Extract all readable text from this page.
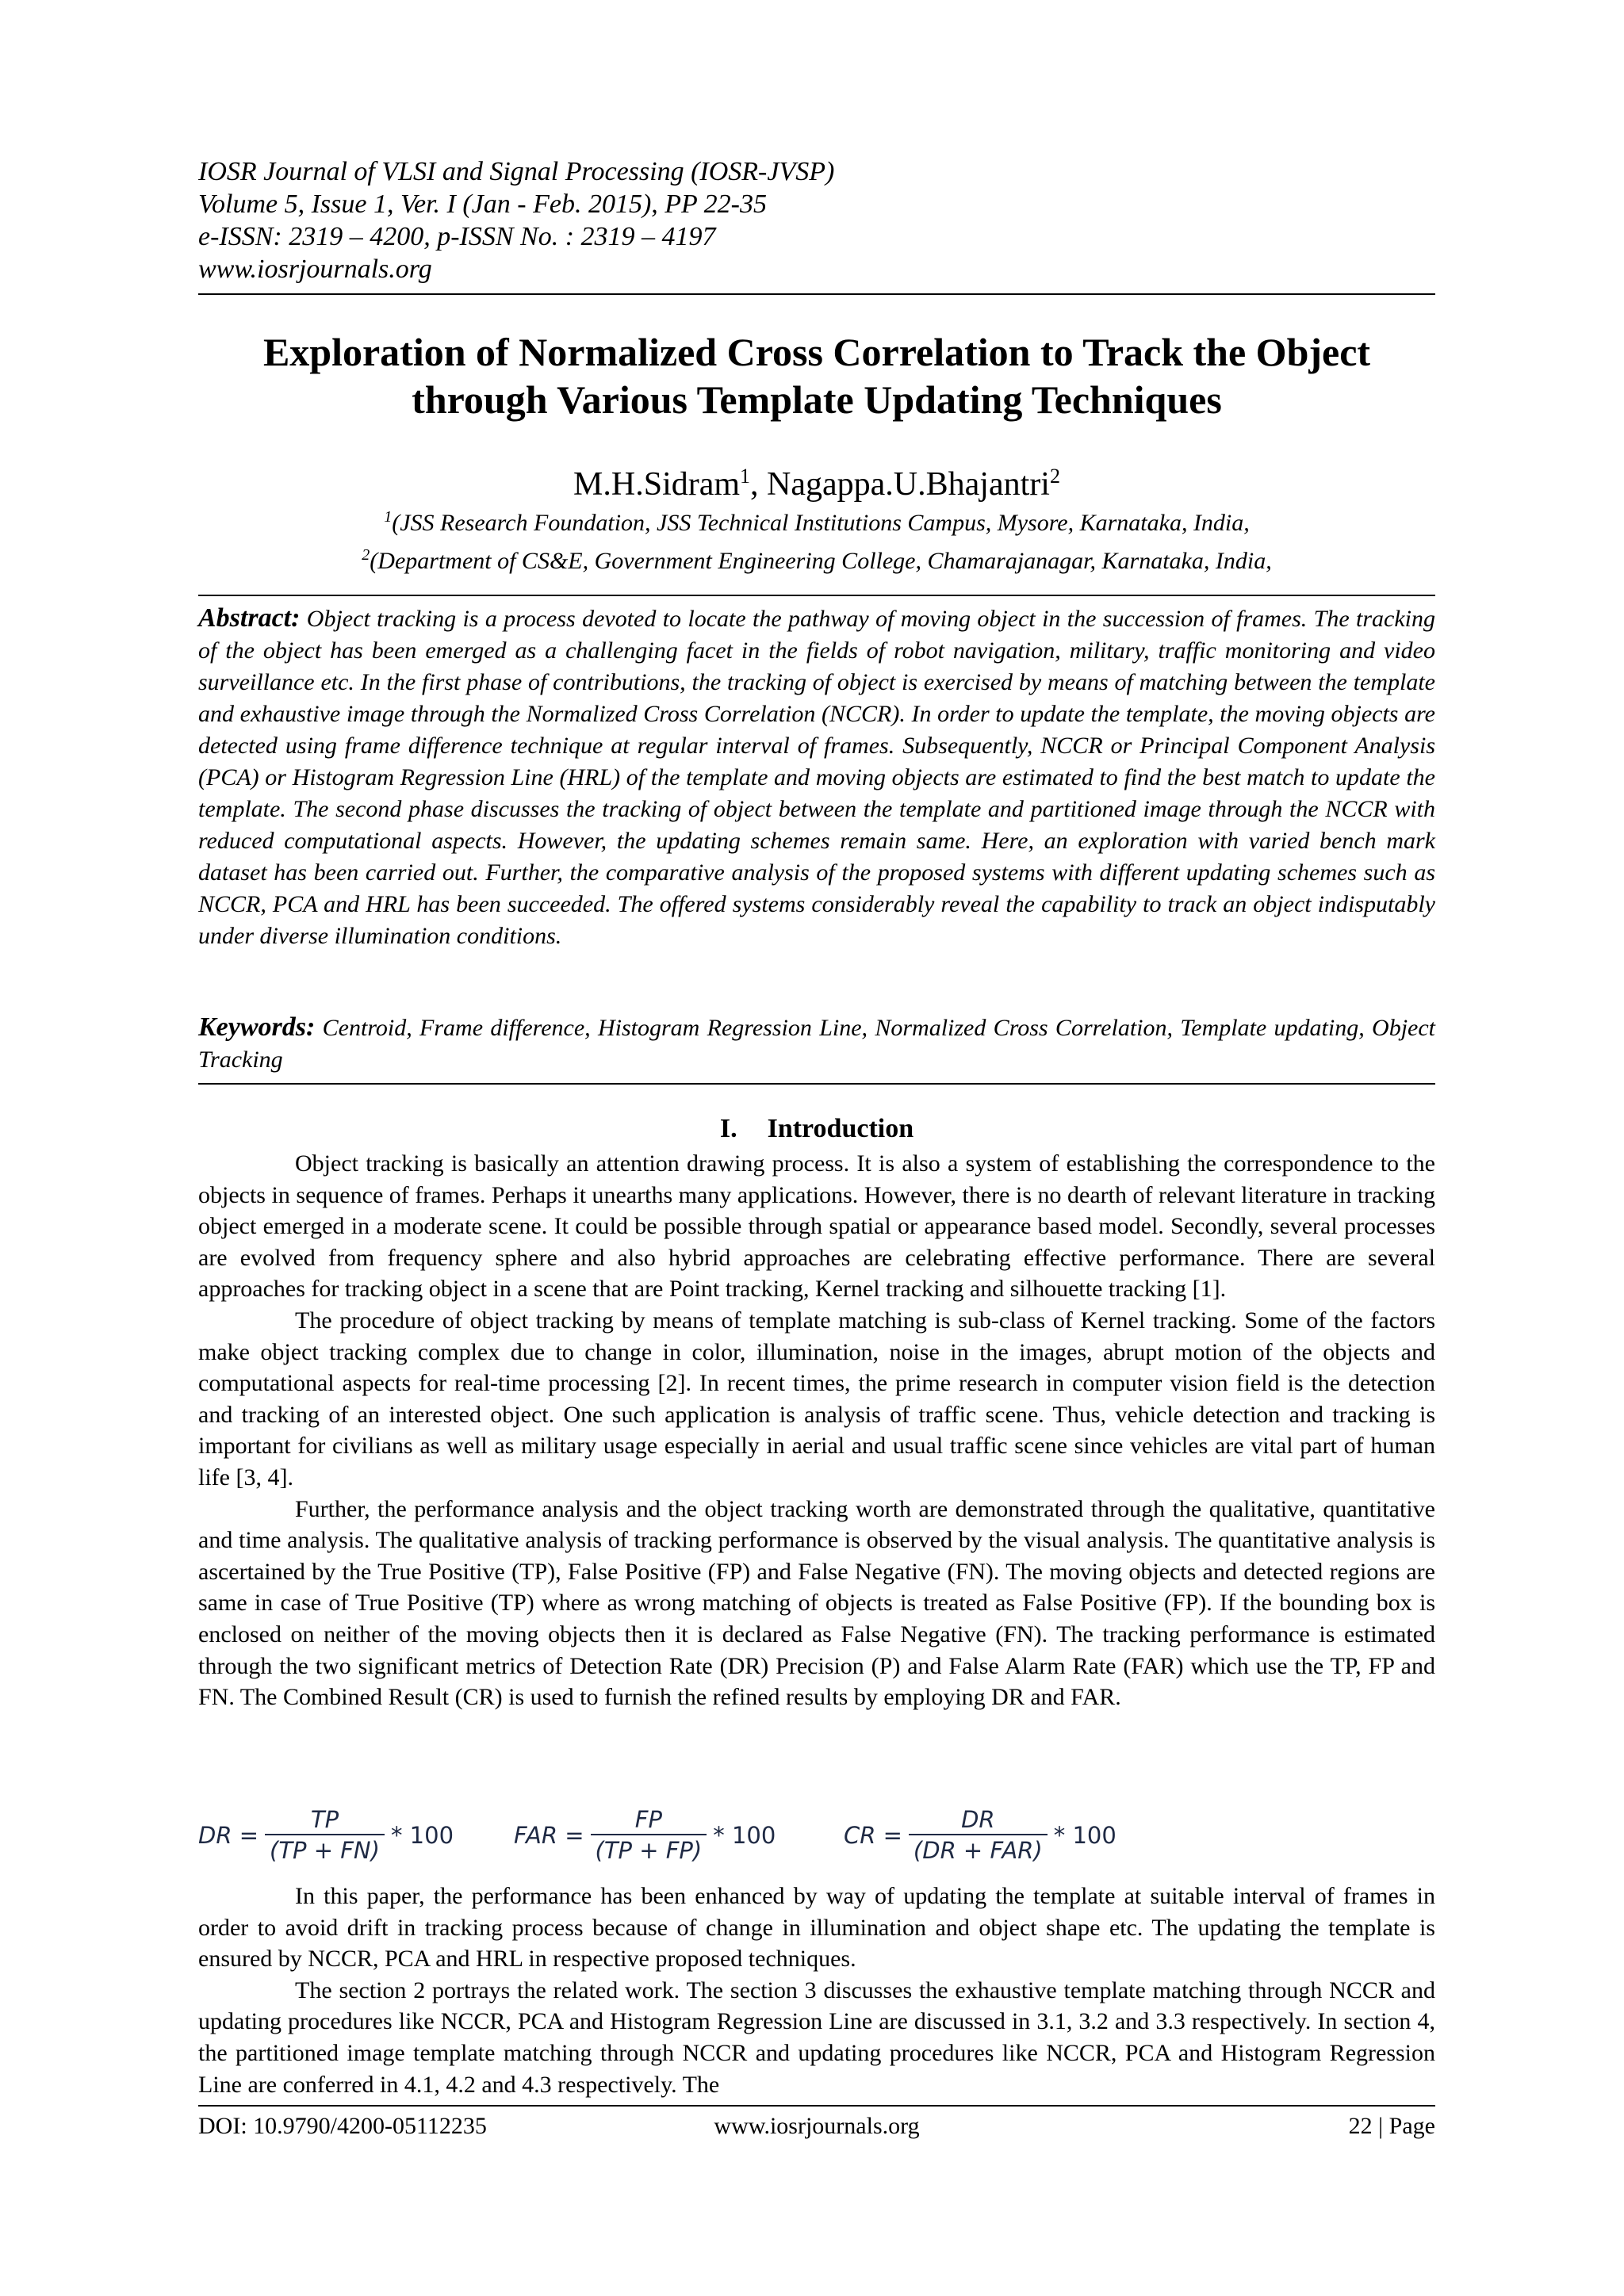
IOSR Journal of VLSI and Signal Processing (IOSR-JVSP)
Volume 5, Issue 1, Ver. I (Jan - Feb. 2015), PP 22-35
e-ISSN: 2319 – 4200, p-ISSN No. : 2319 – 4197
www.iosrjournals.org
Exploration of Normalized Cross Correlation to Track the Object
through Various Template Updating Techniques
M.H.Sidram$^1$, Nagappa.U.Bhajantri$^2$
$^1$(JSS Research Foundation, JSS Technical Institutions Campus, Mysore, Karnataka, India,
$^2$(Department of CS&E, Government Engineering College, Chamarajanagar, Karnataka, India,
Abstract: Object tracking is a process devoted to locate the pathway of moving object in the succession of frames. The tracking of the object has been emerged as a challenging facet in the fields of robot navigation, military, traffic monitoring and video surveillance etc. In the first phase of contributions, the tracking of object is exercised by means of matching between the template and exhaustive image through the Normalized Cross Correlation (NCCR). In order to update the template, the moving objects are detected using frame difference technique at regular interval of frames. Subsequently, NCCR or Principal Component Analysis (PCA) or Histogram Regression Line (HRL) of the template and moving objects are estimated to find the best match to update the template. The second phase discusses the tracking of object between the template and partitioned image through the NCCR with reduced computational aspects. However, the updating schemes remain same. Here, an exploration with varied bench mark dataset has been carried out. Further, the comparative analysis of the proposed systems with different updating schemes such as NCCR, PCA and HRL has been succeeded. The offered systems considerably reveal the capability to track an object indisputably under diverse illumination conditions.
Keywords: Centroid, Frame difference, Histogram Regression Line, Normalized Cross Correlation, Template updating, Object Tracking
I. Introduction

Object tracking is basically an attention drawing process. It is also a system of establishing the correspondence to the objects in sequence of frames. Perhaps it unearths many applications. However, there is no dearth of relevant literature in tracking object emerged in a moderate scene. It could be possible through spatial or appearance based model. Secondly, several processes are evolved from frequency sphere and also hybrid approaches are celebrating effective performance. There are several approaches for tracking object in a scene that are Point tracking, Kernel tracking and silhouette tracking [1].

The procedure of object tracking by means of template matching is sub-class of Kernel tracking. Some of the factors make object tracking complex due to change in color, illumination, noise in the images, abrupt motion of the objects and computational aspects for real-time processing [2]. In recent times, the prime research in computer vision field is the detection and tracking of an interested object. One such application is analysis of traffic scene. Thus, vehicle detection and tracking is important for civilians as well as military usage especially in aerial and usual traffic scene since vehicles are vital part of human life [3, 4].

Further, the performance analysis and the object tracking worth are demonstrated through the qualitative, quantitative and time analysis. The qualitative analysis of tracking performance is observed by the visual analysis. The quantitative analysis is ascertained by the True Positive (TP), False Positive (FP) and False Negative (FN). The moving objects and detected regions are same in case of True Positive (TP) where as wrong matching of objects is treated as False Positive (FP). If the bounding box is enclosed on neither of the moving objects then it is declared as False Negative (FN). The tracking performance is estimated through the two significant metrics of Detection Rate (DR) Precision (P) and False Alarm Rate (FAR) which use the TP, FP and FN. The Combined Result (CR) is used to furnish the refined results by employing DR and FAR.

DR = $\frac{TP}{(TP + FN)} * 100$	FAR = $\frac{FP}{(TP + FP)} * 100$	CR = $\frac{DR}{\text{(DR + FAR)}} * 100$

In this paper, the performance has been enhanced by way of updating the template at suitable interval of frames in order to avoid drift in tracking process because of change in illumination and object shape etc. The updating the template is ensured by NCCR, PCA and HRL in respective proposed techniques.

The section 2 portrays the related work. The section 3 discusses the exhaustive template matching through NCCR and updating procedures like NCCR, PCA and Histogram Regression Line are discussed in 3.1, 3.2 and 3.3 respectively. In section 4, the partitioned image template matching through NCCR and updating procedures like NCCR, PCA and Histogram Regression Line are conferred in 4.1, 4.2 and 4.3 respectively. The

DOI: 10.9790/4200-05112235	www.iosrjournals.org	22 | Page
